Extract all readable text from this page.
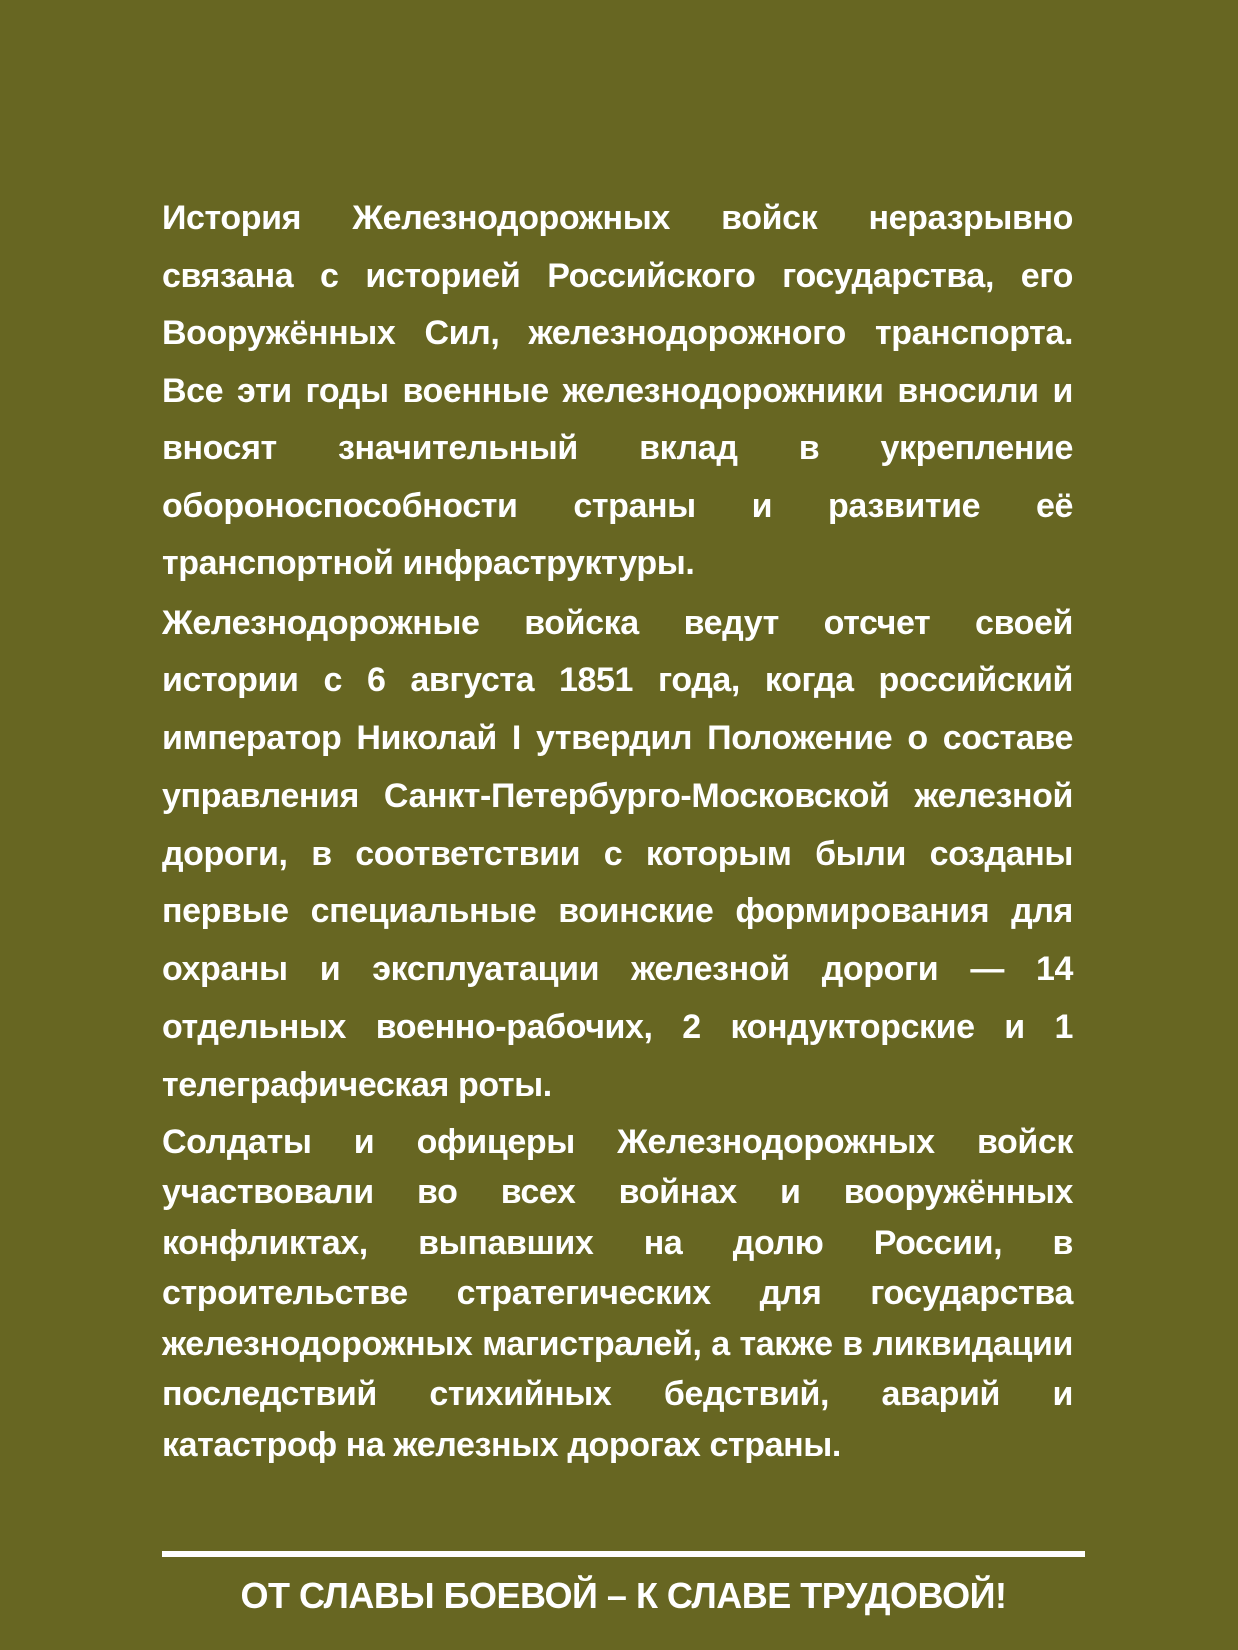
История Железнодорожных войск неразрывно связана с историей Российского государства, его Вооружённых Сил, железнодорожного транспорта. Все эти годы военные железнодорожники вносили и вносят значительный вклад в укрепление обороноспособности страны и развитие её транспортной инфраструктуры.

Железнодорожные войска ведут отсчет своей истории с 6 августа 1851 года, когда российский император Николай I утвердил Положение о составе управления Санкт-Петербурго-Московской железной дороги, в соответствии с которым были созданы первые специальные воинские формирования для охраны и эксплуатации железной дороги — 14 отдельных военно-рабочих, 2 кондукторские и 1 телеграфическая роты.

Солдаты и офицеры Железнодорожных войск участвовали во всех войнах и вооружённых конфликтах, выпавших на долю России, в строительстве стратегических для государства железнодорожных магистралей, а также в ликвидации последствий стихийных бедствий, аварий и катастроф на железных дорогах страны.

ОТ СЛАВЫ БОЕВОЙ – К СЛАВЕ ТРУДОВОЙ!
